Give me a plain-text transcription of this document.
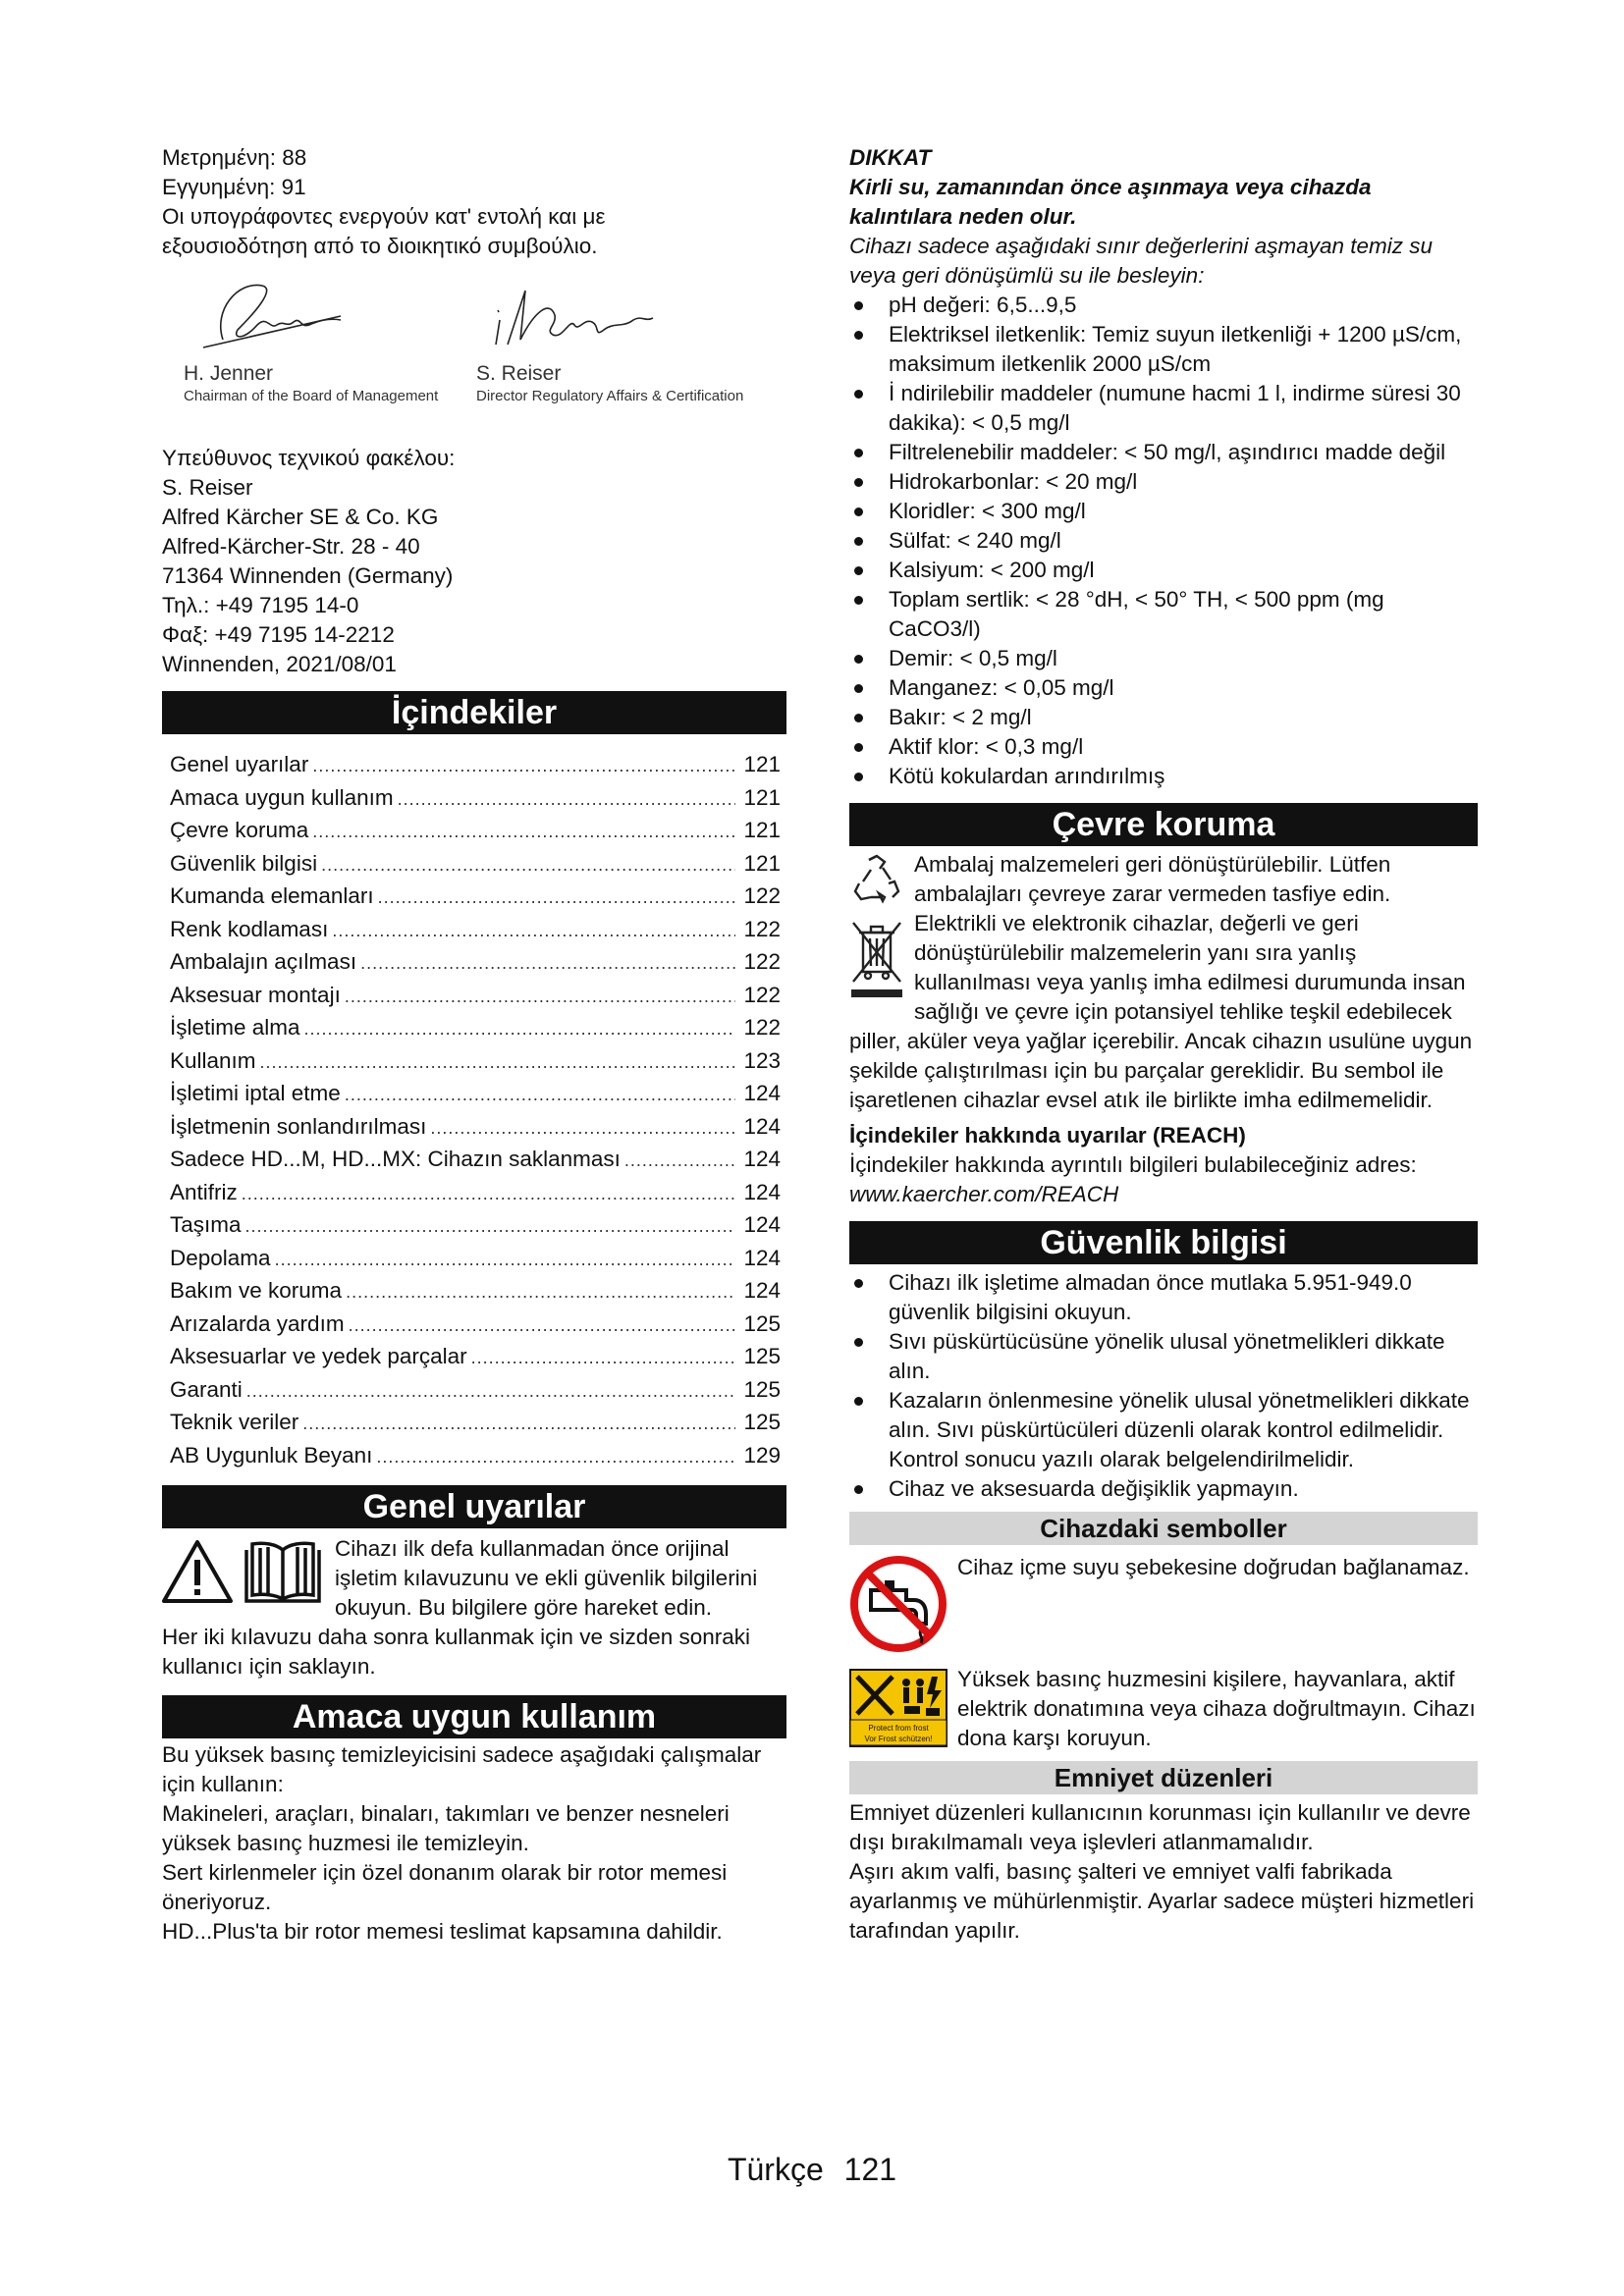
Μετρημένη: 88

Εγγυημένη: 91

Οι υπογράφοντες ενεργούν κατ' εντολή και με

εξουσιοδότηση από το διοικητικό συμβούλιο.

H. Jenner
Chairman of the Board of Management
S. Reiser
Director Regulatory Affairs & Certification

Υπεύθυνος τεχνικού φακέλου:

S. Reiser

Alfred Kärcher SE & Co. KG

Alfred-Kärcher-Str. 28 - 40

71364 Winnenden (Germany)

Τηλ.: +49 7195 14-0

Φαξ: +49 7195 14-2212

Winnenden, 2021/08/01

İçindekiler
Genel uyarılar .....	121
Amaca uygun kullanım .....	121
Çevre koruma .....	121
Güvenlik bilgisi .....	121
Kumanda elemanları .....	122
Renk kodlaması .....	122
Ambalajın açılması .....	122
Aksesuar montajı .....	122
İşletime alma .....	122
Kullanım .....	123
İşletimi iptal etme .....	124
İşletmenin sonlandırılması .....	124
Sadece HD...M, HD...MX: Cihazın saklanması .....	124
Antifriz .....	124
Taşıma .....	124
Depolama .....	124
Bakım ve koruma .....	124
Arızalarda yardım .....	125
Aksesuarlar ve yedek parçalar .....	125
Garanti .....	125
Teknik veriler .....	125
AB Uygunluk Beyanı .....	129
Genel uyarılar

Cihazı ilk defa kullanmadan önce orijinal işletim kılavuzunu ve ekli güvenlik bilgilerini okuyun. Bu bilgilere göre hareket edin.

Her iki kılavuzu daha sonra kullanmak için ve sizden sonraki kullanıcı için saklayın.

Amaca uygun kullanım

Bu yüksek basınç temizleyicisini sadece aşağıdaki çalışmalar için kullanın:

Makineleri, araçları, binaları, takımları ve benzer nesneleri yüksek basınç huzmesi ile temizleyin.

Sert kirlenmeler için özel donanım olarak bir rotor memesi öneriyoruz.

HD...Plus'ta bir rotor memesi teslimat kapsamına dahildir.

DIKKAT

Kirli su, zamanından önce aşınmaya veya cihazda kalıntılara neden olur.

Cihazı sadece aşağıdaki sınır değerlerini aşmayan temiz su veya geri dönüşümlü su ile besleyin:

pH değeri: 6,5...9,5
Elektriksel iletkenlik: Temiz suyun iletkenliği + 1200 µS/cm, maksimum iletkenlik 2000 µS/cm
İ ndirilebilir maddeler (numune hacmi 1 l, indirme süresi 30 dakika): < 0,5 mg/l
Filtrelenebilir maddeler: < 50 mg/l, aşındırıcı madde değil
Hidrokarbonlar: < 20 mg/l
Kloridler: < 300 mg/l
Sülfat: < 240 mg/l
Kalsiyum: < 200 mg/l
Toplam sertlik: < 28 °dH, < 50° TH, < 500 ppm (mg CaCO3/l)
Demir: < 0,5 mg/l
Manganez: < 0,05 mg/l
Bakır: < 2 mg/l
Aktif klor: < 0,3 mg/l
Kötü kokulardan arındırılmış
Çevre koruma

Ambalaj malzemeleri geri dönüştürülebilir. Lütfen ambalajları çevreye zarar vermeden tasfiye edin.

Elektrikli ve elektronik cihazlar, değerli ve geri dönüştürülebilir malzemelerin yanı sıra yanlış kullanılması veya yanlış imha edilmesi durumunda insan sağlığı ve çevre için potansiyel tehlike teşkil edebilecek piller, aküler veya yağlar içerebilir. Ancak cihazın usulüne uygun şekilde çalıştırılması için bu parçalar gereklidir. Bu sembol ile işaretlenen cihazlar evsel atık ile birlikte imha edilmemelidir.

İçindekiler hakkında uyarılar (REACH)

İçindekiler hakkında ayrıntılı bilgileri bulabileceğiniz adres: www.kaercher.com/REACH

Güvenlik bilgisi
Cihazı ilk işletime almadan önce mutlaka 5.951-949.0 güvenlik bilgisini okuyun.
Sıvı püskürtücüsüne yönelik ulusal yönetmelikleri dikkate alın.
Kazaların önlenmesine yönelik ulusal yönetmelikleri dikkate alın. Sıvı püskürtücüleri düzenli olarak kontrol edilmelidir. Kontrol sonucu yazılı olarak belgelendirilmelidir.
Cihaz ve aksesuarda değişiklik yapmayın.
Cihazdaki semboller

Cihaz içme suyu şebekesine doğrudan bağlanamaz.

Protect from frost
Vor Frost schützen!

Yüksek basınç huzmesini kişilere, hayvanlara, aktif elektrik donatımına veya cihaza doğrultmayın. Cihazı dona karşı koruyun.

Emniyet düzenleri

Emniyet düzenleri kullanıcının korunması için kullanılır ve devre dışı bırakılmamalı veya işlevleri atlanmamalıdır.

Aşırı akım valfi, basınç şalteri ve emniyet valfi fabrikada ayarlanmış ve mühürlenmiştir. Ayarlar sadece müşteri hizmetleri tarafından yapılır.

Türkçe 121
